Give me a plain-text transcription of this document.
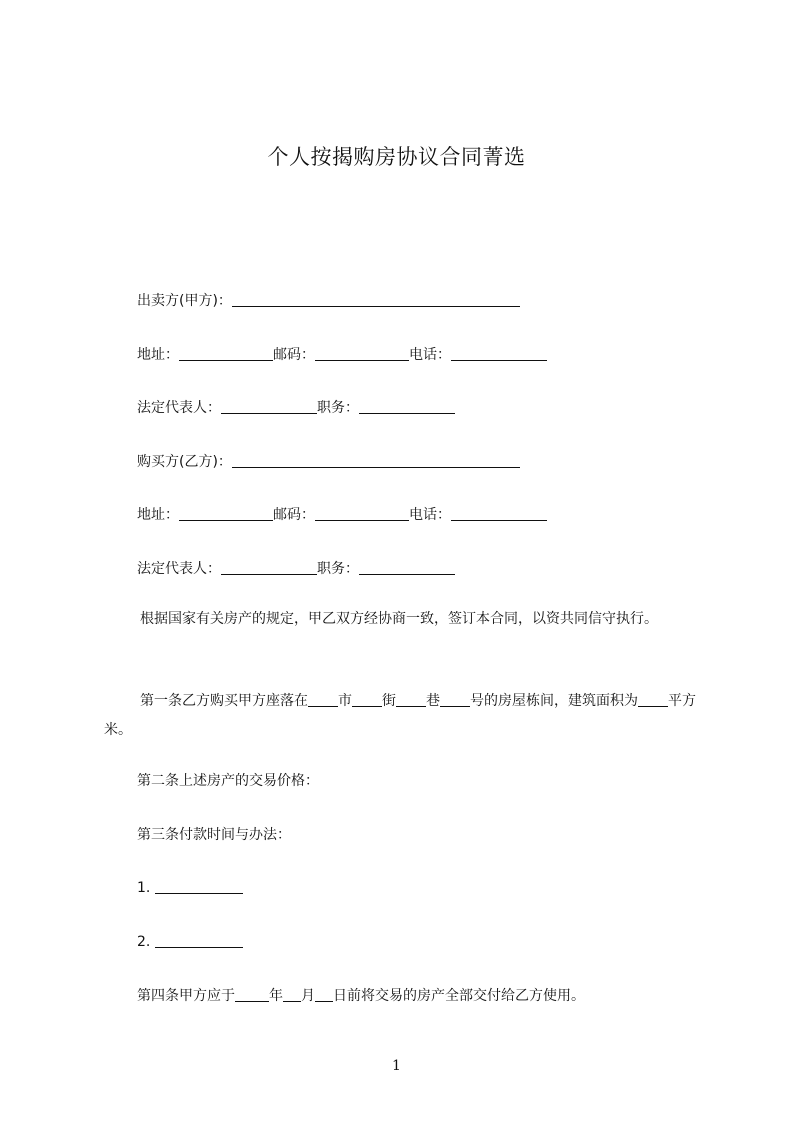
个人按揭购房协议合同菁选
出卖方(甲方)：
地址：	邮码：	电话：
法定代表人：	职务：
购买方(乙方)：
地址：	邮码：	电话：
法定代表人：	职务：
根据国家有关房产的规定，甲乙双方经协商一致，签订本合同，以资共同信守执行。
第一条乙方购买甲方座落在 市 街 巷 号的房屋栋间，建筑面积为 平方米。
第二条上述房产的交易价格：
第三条付款时间与办法：
1.
2.
第四条甲方应于 年 月 日前将交易的房产全部交付给乙方使用。
1
